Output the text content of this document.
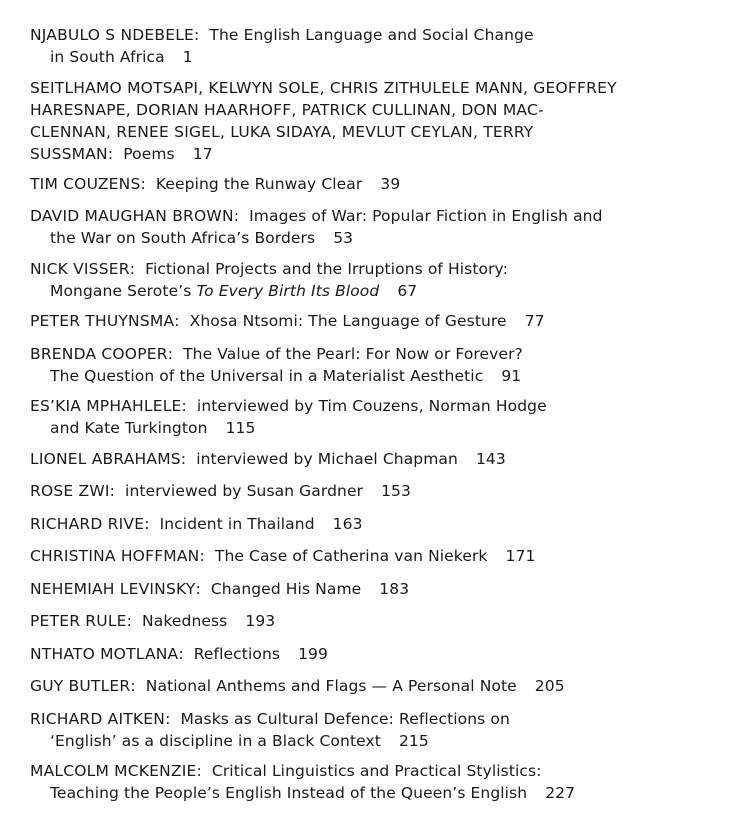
NJABULO S NDEBELE:  The English Language and Social Change
in South Africa 1
SEITLHAMO MOTSAPI, KELWYN SOLE, CHRIS ZITHULELE MANN, GEOFFREY
HARESNAPE, DORIAN HAARHOFF, PATRICK CULLINAN, DON MAC-
CLENNAN, RENEE SIGEL, LUKA SIDAYA, MEVLUT CEYLAN, TERRY
SUSSMAN:  Poems 17
TIM COUZENS:  Keeping the Runway Clear 39
DAVID MAUGHAN BROWN:  Images of War: Popular Fiction in English and
the War on South Africa’s Borders 53
NICK VISSER:  Fictional Projects and the Irruptions of History:
Mongane Serote’s To Every Birth Its Blood 67
PETER THUYNSMA:  Xhosa Ntsomi: The Language of Gesture 77
BRENDA COOPER:  The Value of the Pearl: For Now or Forever?
The Question of the Universal in a Materialist Aesthetic 91
ES’KIA MPHAHLELE:  interviewed by Tim Couzens, Norman Hodge
and Kate Turkington 115
LIONEL ABRAHAMS:  interviewed by Michael Chapman 143
ROSE ZWI:  interviewed by Susan Gardner 153
RICHARD RIVE:  Incident in Thailand 163
CHRISTINA HOFFMAN:  The Case of Catherina van Niekerk 171
NEHEMIAH LEVINSKY:  Changed His Name 183
PETER RULE:  Nakedness 193
NTHATO MOTLANA:  Reflections 199
GUY BUTLER:  National Anthems and Flags — A Personal Note 205
RICHARD AITKEN:  Masks as Cultural Defence: Reflections on
‘English’ as a discipline in a Black Context 215
MALCOLM MCKENZIE:  Critical Linguistics and Practical Stylistics:
Teaching the People’s English Instead of the Queen’s English 227
